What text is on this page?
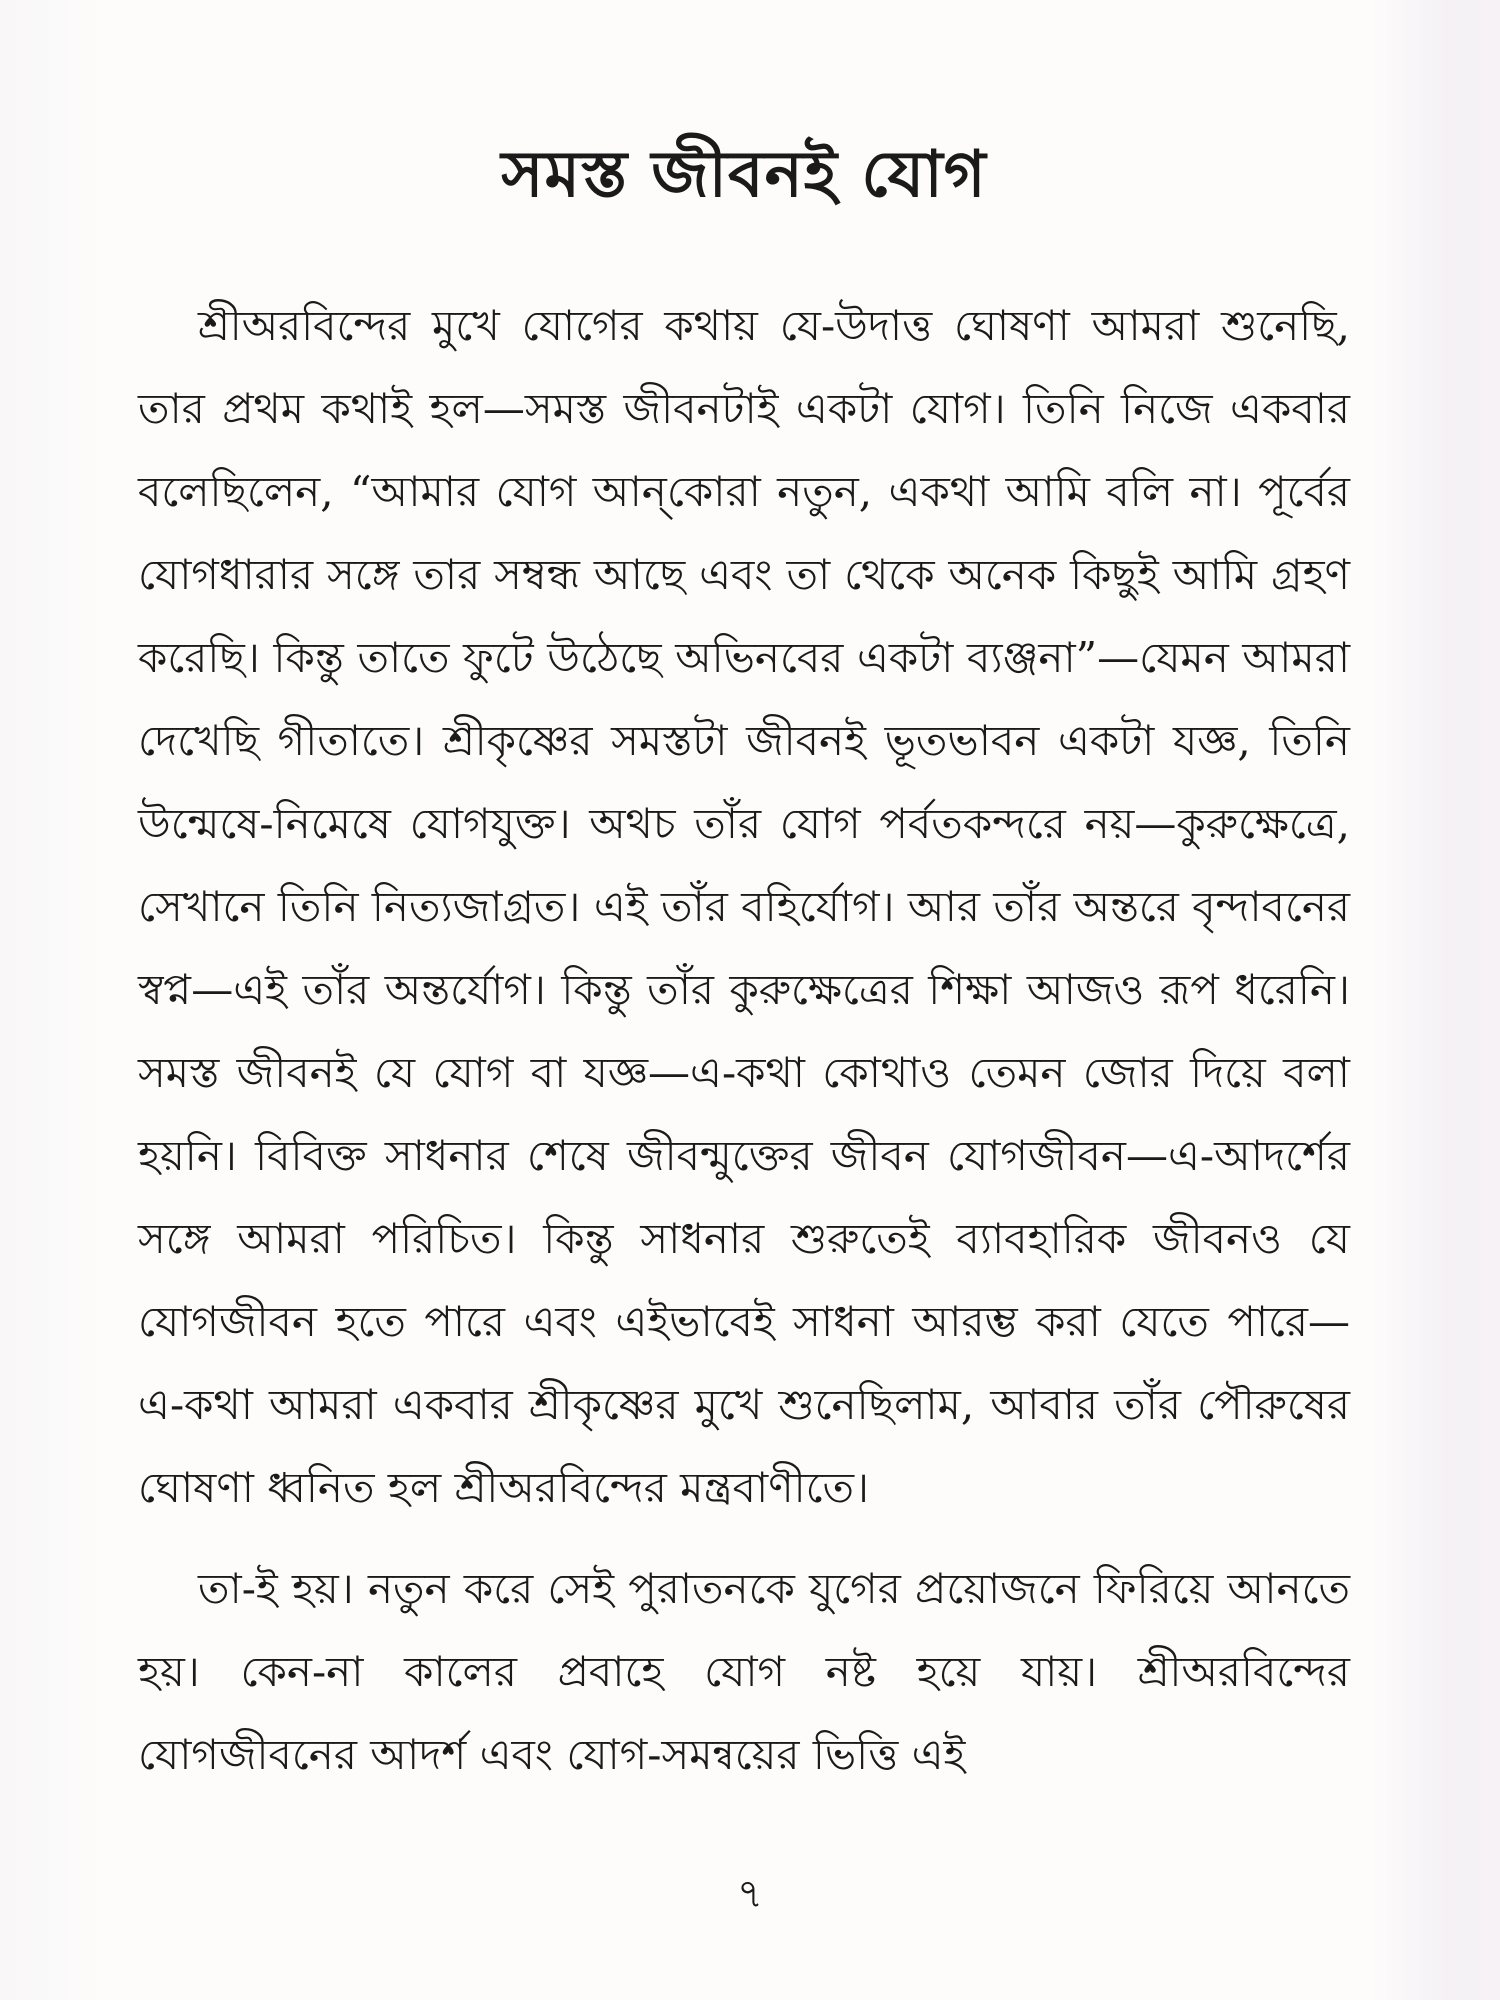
সমস্ত জীবনই যোগ

শ্রীঅরবিন্দের মুখে যোগের কথায় যে-উদাত্ত ঘোষণা আমরা শুনেছি, তার প্রথম কথাই হল—সমস্ত জীবনটাই একটা যোগ। তিনি নিজে একবার বলেছিলেন, “আমার যোগ আন্‌কোরা নতুন, একথা আমি বলি না। পূর্বের যোগধারার সঙ্গে তার সম্বন্ধ আছে এবং তা থেকে অনেক কিছুই আমি গ্রহণ করেছি। কিন্তু তাতে ফুটে উঠেছে অভিনবের একটা ব্যঞ্জনা”—যেমন আমরা দেখেছি গীতাতে। শ্রীকৃষ্ণের সমস্তটা জীবনই ভূতভাবন একটা যজ্ঞ, তিনি উন্মেষে-নিমেষে যোগযুক্ত। অথচ তাঁর যোগ পর্বতকন্দরে নয়—কুরুক্ষেত্রে, সেখানে তিনি নিত্যজাগ্রত। এই তাঁর বহির্যোগ। আর তাঁর অন্তরে বৃন্দাবনের স্বপ্ন—এই তাঁর অন্তর্যোগ। কিন্তু তাঁর কুরুক্ষেত্রের শিক্ষা আজও রূপ ধরেনি। সমস্ত জীবনই যে যোগ বা যজ্ঞ—এ-কথা কোথাও তেমন জোর দিয়ে বলা হয়নি। বিবিক্ত সাধনার শেষে জীবন্মুক্তের জীবন যোগজীবন—এ-আদর্শের সঙ্গে আমরা পরিচিত। কিন্তু সাধনার শুরুতেই ব্যাবহারিক জীবনও যে যোগজীবন হতে পারে এবং এইভাবেই সাধনা আরম্ভ করা যেতে পারে—এ-কথা আমরা একবার শ্রীকৃষ্ণের মুখে শুনেছিলাম, আবার তাঁর পৌরুষের ঘোষণা ধ্বনিত হল শ্রীঅরবিন্দের মন্ত্রবাণীতে।

তা-ই হয়। নতুন করে সেই পুরাতনকে যুগের প্রয়োজনে ফিরিয়ে আনতে হয়। কেন-না কালের প্রবাহে যোগ নষ্ট হয়ে যায়। শ্রীঅরবিন্দের যোগজীবনের আদর্শ এবং যোগ-সমন্বয়ের ভিত্তি এই

৭
